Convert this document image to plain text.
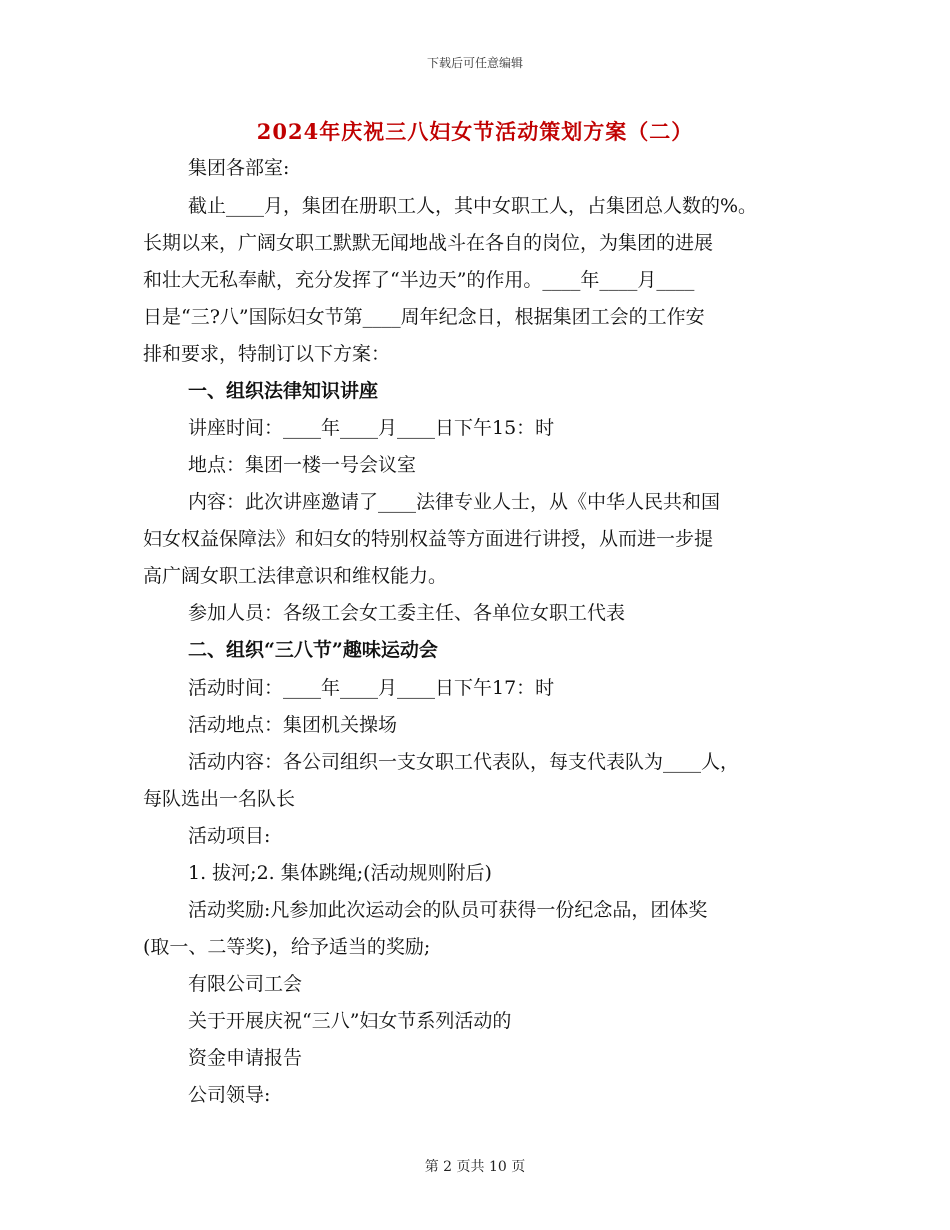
下载后可任意编辑
2024年庆祝三八妇女节活动策划方案（二）
集团各部室:
截止____月，集团在册职工人，其中女职工人，占集团总人数的%。
长期以来，广阔女职工默默无闻地战斗在各自的岗位，为集团的进展
和壮大无私奉献，充分发挥了“半边天”的作用。____年____月____
日是“三?八”国际妇女节第____周年纪念日，根据集团工会的工作安
排和要求，特制订以下方案：
一、组织法律知识讲座
讲座时间：____年____月____日下午15：时
地点：集团一楼一号会议室
内容：此次讲座邀请了____法律专业人士，从《中华人民共和国
妇女权益保障法》和妇女的特别权益等方面进行讲授，从而进一步提
高广阔女职工法律意识和维权能力。
参加人员：各级工会女工委主任、各单位女职工代表
二、组织“三八节”趣味运动会
活动时间：____年____月____日下午17：时
活动地点：集团机关操场
活动内容：各公司组织一支女职工代表队，每支代表队为____人，
每队选出一名队长
活动项目:
1. 拔河;2. 集体跳绳;(活动规则附后)
活动奖励:凡参加此次运动会的队员可获得一份纪念品，团体奖
(取一、二等奖)，给予适当的奖励;
有限公司工会
关于开展庆祝“三八”妇女节系列活动的
资金申请报告
公司领导:
第 2 页共 10 页
